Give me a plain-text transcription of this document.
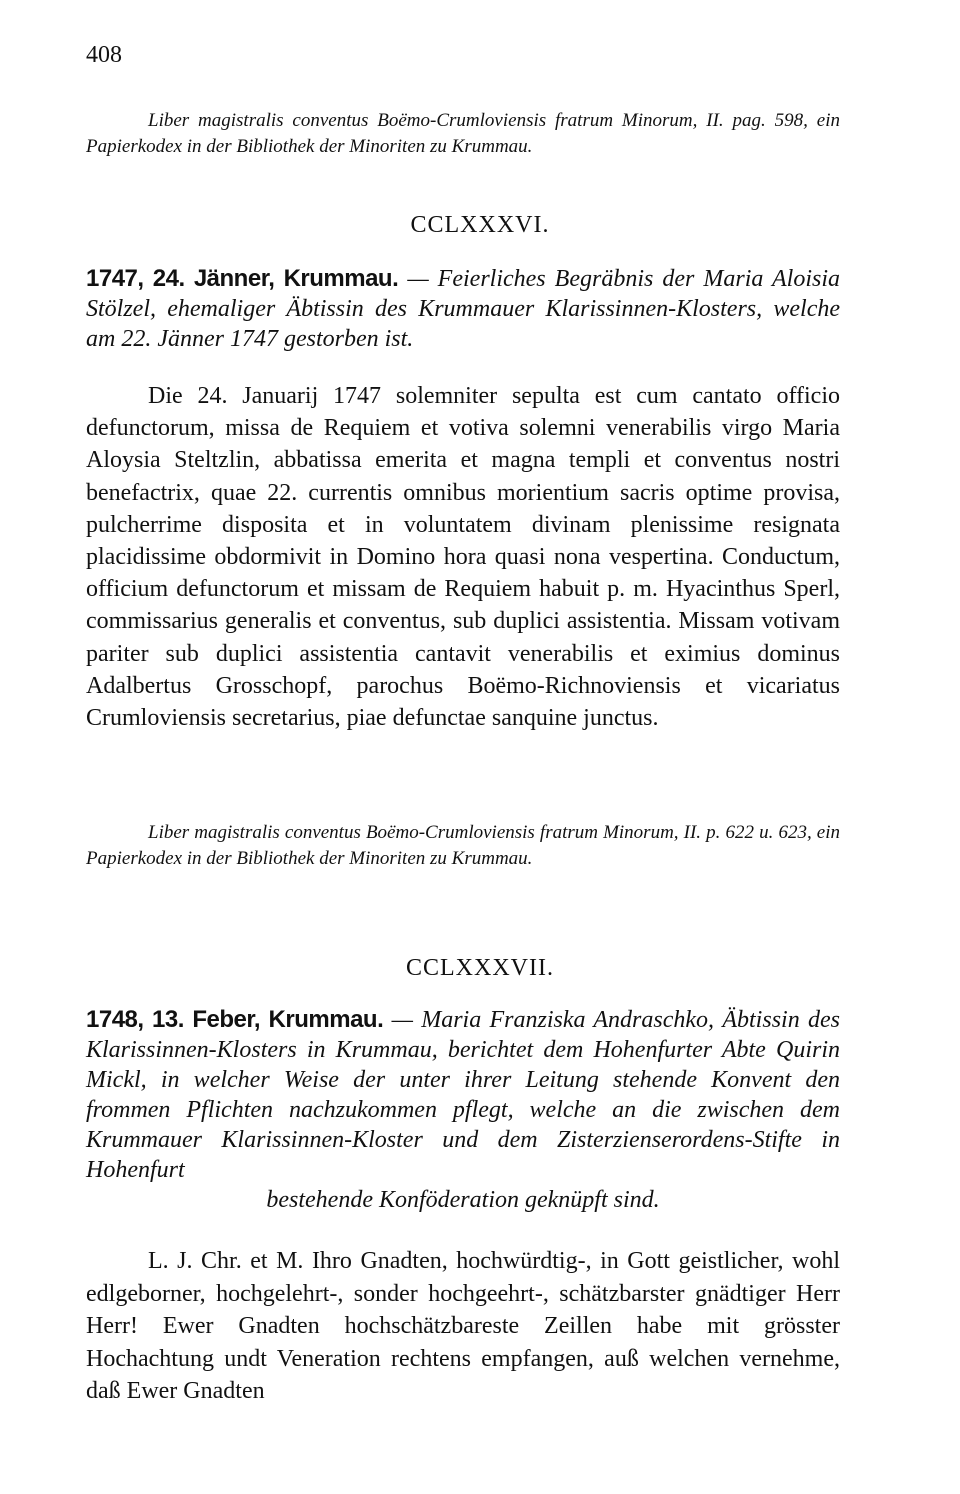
408

Liber magistralis conventus Boëmo-Crumloviensis fratrum Minorum, II. pag. 598, ein Papierkodex in der Bibliothek der Minoriten zu Krummau.

CCLXXXVI.

1747, 24. Jänner, Krummau. — Feierliches Begräbnis der Maria Aloisia Stölzel, ehemaliger Äbtissin des Krummauer Klarissinnen-Klosters, welche am 22. Jänner 1747 gestorben ist.

Die 24. Januarij 1747 solemniter sepulta est cum cantato officio defunctorum, missa de Requiem et votiva solemni venerabilis virgo Maria Aloysia Steltzlin, abbatissa emerita et magna templi et conventus nostri benefactrix, quae 22. currentis omnibus morientium sacris optime provisa, pulcherrime disposita et in voluntatem divinam plenissime resignata placidissime obdormivit in Domino hora quasi nona vespertina. Conductum, officium defunctorum et missam de Requiem habuit p. m. Hyacinthus Sperl, commissarius generalis et conventus, sub duplici assistentia. Missam votivam pariter sub duplici assistentia cantavit venerabilis et eximius dominus Adalbertus Grosschopf, parochus Boëmo-Richnoviensis et vicariatus Crumloviensis secretarius, piae defunctae sanquine junctus.

Liber magistralis conventus Boëmo-Crumloviensis fratrum Minorum, II. p. 622 u. 623, ein Papierkodex in der Bibliothek der Minoriten zu Krummau.

CCLXXXVII.

1748, 13. Feber, Krummau. — Maria Franziska Andraschko, Äbtissin des Klarissinnen-Klosters in Krummau, berichtet dem Hohenfurter Abte Quirin Mickl, in welcher Weise der unter ihrer Leitung stehende Konvent den frommen Pflichten nachzukommen pflegt, welche an die zwischen dem Krummauer Klarissinnen-Kloster und dem Zisterzienserordens-Stifte in Hohenfurt
bestehende Konföderation geknüpft sind.

L. J. Chr. et M. Ihro Gnadten, hochwürdtig-, in Gott geistlicher, wohl edlgeborner, hochgelehrt-, sonder hochgeehrt-, schätzbarster gnädtiger Herr Herr! Ewer Gnadten hochschätzbareste Zeillen habe mit grösster Hochachtung undt Veneration rechtens empfangen, auß welchen vernehme, daß Ewer Gnadten
